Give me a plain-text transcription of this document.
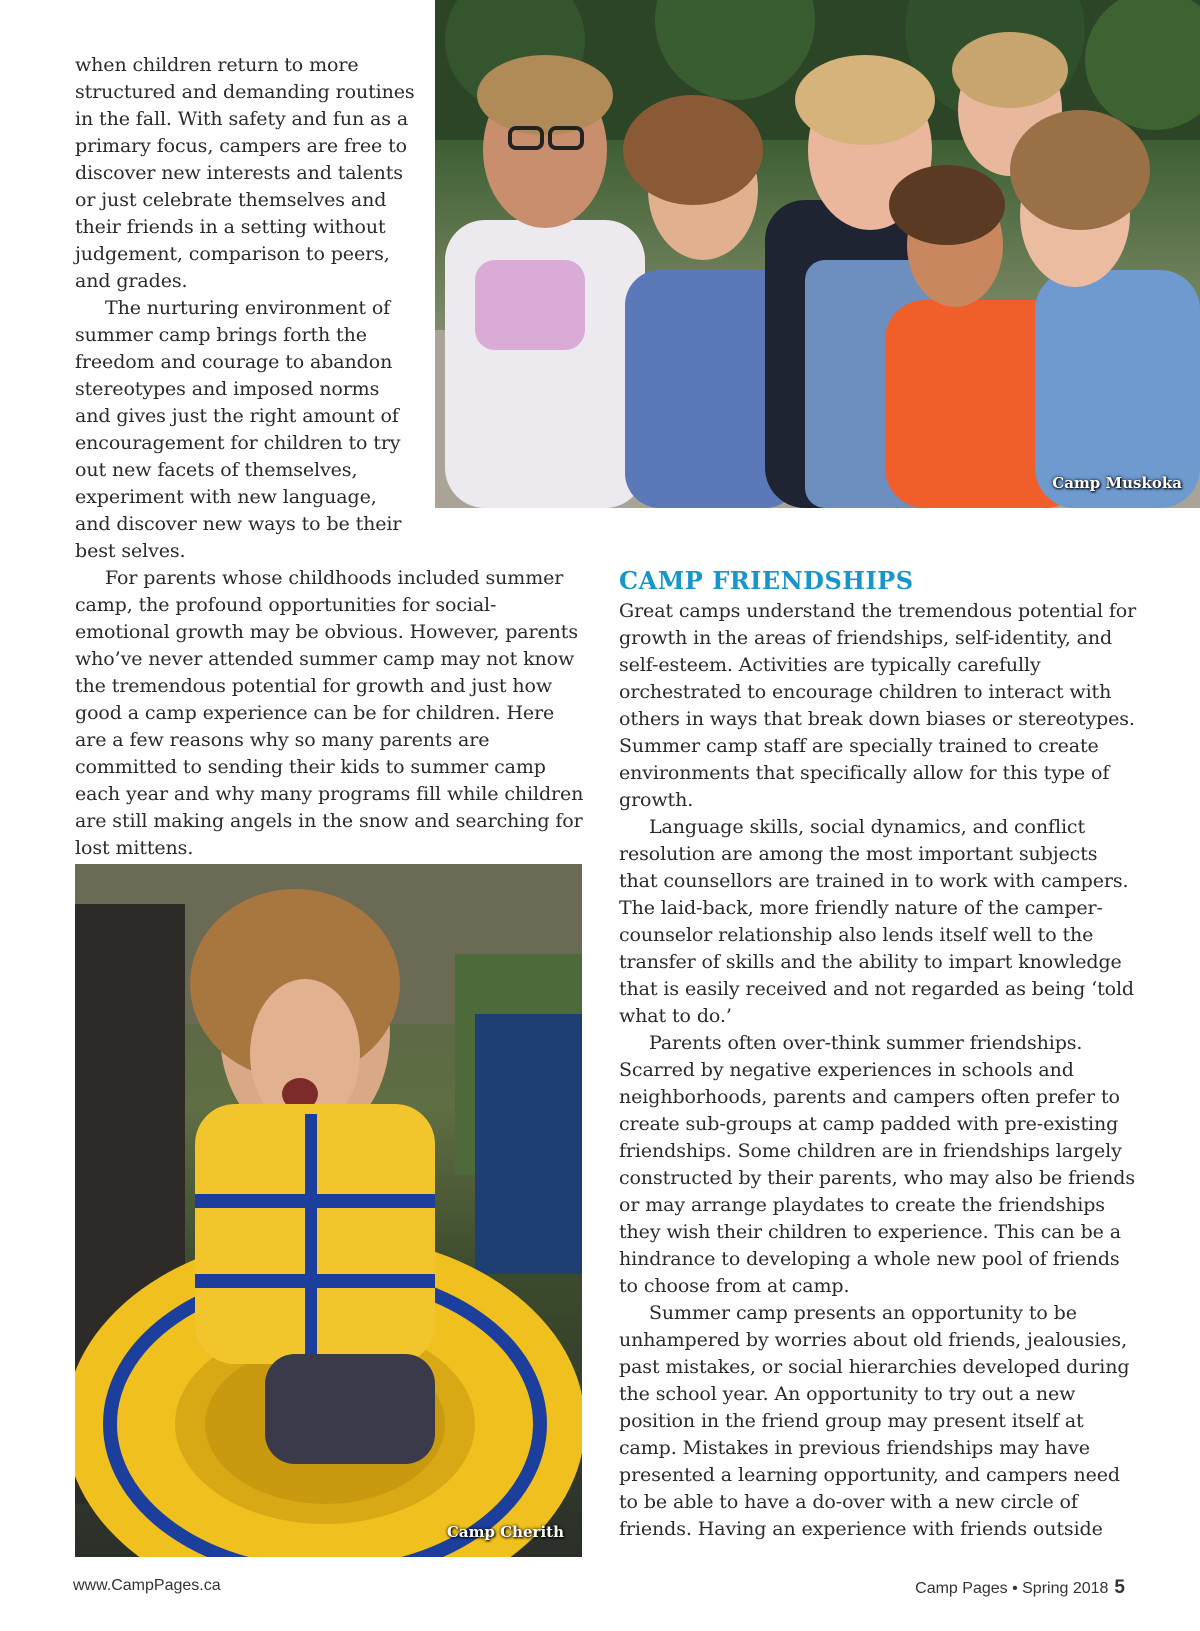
Camp Muskoka

when children return to more structured and demanding routines in the fall. With safety and fun as a primary focus, campers are free to discover new interests and talents or just celebrate themselves and their friends in a setting without judgement, comparison to peers, and grades.

The nurturing environment of summer camp brings forth the freedom and courage to abandon stereotypes and imposed norms and gives just the right amount of encouragement for children to try out new facets of themselves, experiment with new language, and discover new ways to be their best selves.

For parents whose childhoods included summer camp, the profound opportunities for social-emotional growth may be obvious. However, parents who’ve never attended summer camp may not know the tremendous potential for growth and just how good a camp experience can be for children. Here are a few reasons why so many parents are committed to sending their kids to summer camp each year and why many programs fill while children are still making angels in the snow and searching for lost mittens.

Camp Cherith
CAMP FRIENDSHIPS

Great camps understand the tremendous potential for growth in the areas of friendships, self-identity, and self-esteem. Activities are typically carefully orchestrated to encourage children to interact with others in ways that break down biases or stereotypes. Summer camp staff are specially trained to create environments that specifically allow for this type of growth.

Language skills, social dynamics, and conflict resolution are among the most important subjects that counsellors are trained in to work with campers. The laid-back, more friendly nature of the camper-counselor relationship also lends itself well to the transfer of skills and the ability to impart knowledge that is easily received and not regarded as being ‘told what to do.’

Parents often over-think summer friendships. Scarred by negative experiences in schools and neighborhoods, parents and campers often prefer to create sub-groups at camp padded with pre-existing friendships. Some children are in friendships largely constructed by their parents, who may also be friends or may arrange playdates to create the friendships they wish their children to experience. This can be a hindrance to developing a whole new pool of friends to choose from at camp.

Summer camp presents an opportunity to be unhampered by worries about old friends, jealousies, past mistakes, or social hierarchies developed during the school year. An opportunity to try out a new position in the friend group may present itself at camp. Mistakes in previous friendships may have presented a learning opportunity, and campers need to be able to have a do-over with a new circle of friends. Having an experience with friends outside

www.CampPages.ca	Camp Pages • Spring 2018 5
